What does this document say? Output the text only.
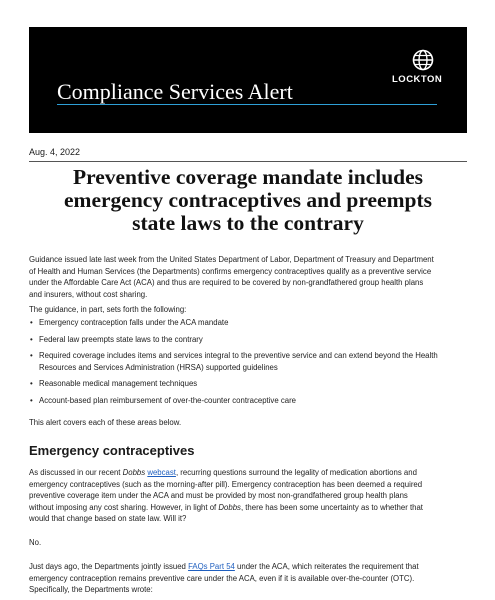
LOCKTON
Compliance Services Alert
Aug. 4, 2022
Preventive coverage mandate includes
emergency contraceptives and preempts
state laws to the contrary
Guidance issued late last week from the United States Department of Labor, Department of Treasury and Department
of Health and Human Services (the Departments) confirms emergency contraceptives qualify as a preventive service
under the Affordable Care Act (ACA) and thus are required to be covered by non-grandfathered group health plans
and insurers, without cost sharing.
The guidance, in part, sets forth the following:
• Emergency contraception falls under the ACA mandate
• Federal law preempts state laws to the contrary
• Required coverage includes items and services integral to the preventive service and can extend beyond the Health
Resources and Services Administration (HRSA) supported guidelines
• Reasonable medical management techniques
• Account-based plan reimbursement of over-the-counter contraceptive care
This alert covers each of these areas below.
Emergency contraceptives
As discussed in our recent Dobbs webcast, recurring questions surround the legality of medication abortions and
emergency contraceptives (such as the morning-after pill). Emergency contraception has been deemed a required
preventive coverage item under the ACA and must be provided by most non-grandfathered group health plans
without imposing any cost sharing. However, in light of Dobbs, there has been some uncertainty as to whether that
would that change based on state law. Will it?
No.
Just days ago, the Departments jointly issued FAQs Part 54 under the ACA, which reiterates the requirement that
emergency contraception remains preventive care under the ACA, even if it is available over-the-counter (OTC).
Specifically, the Departments wrote:
